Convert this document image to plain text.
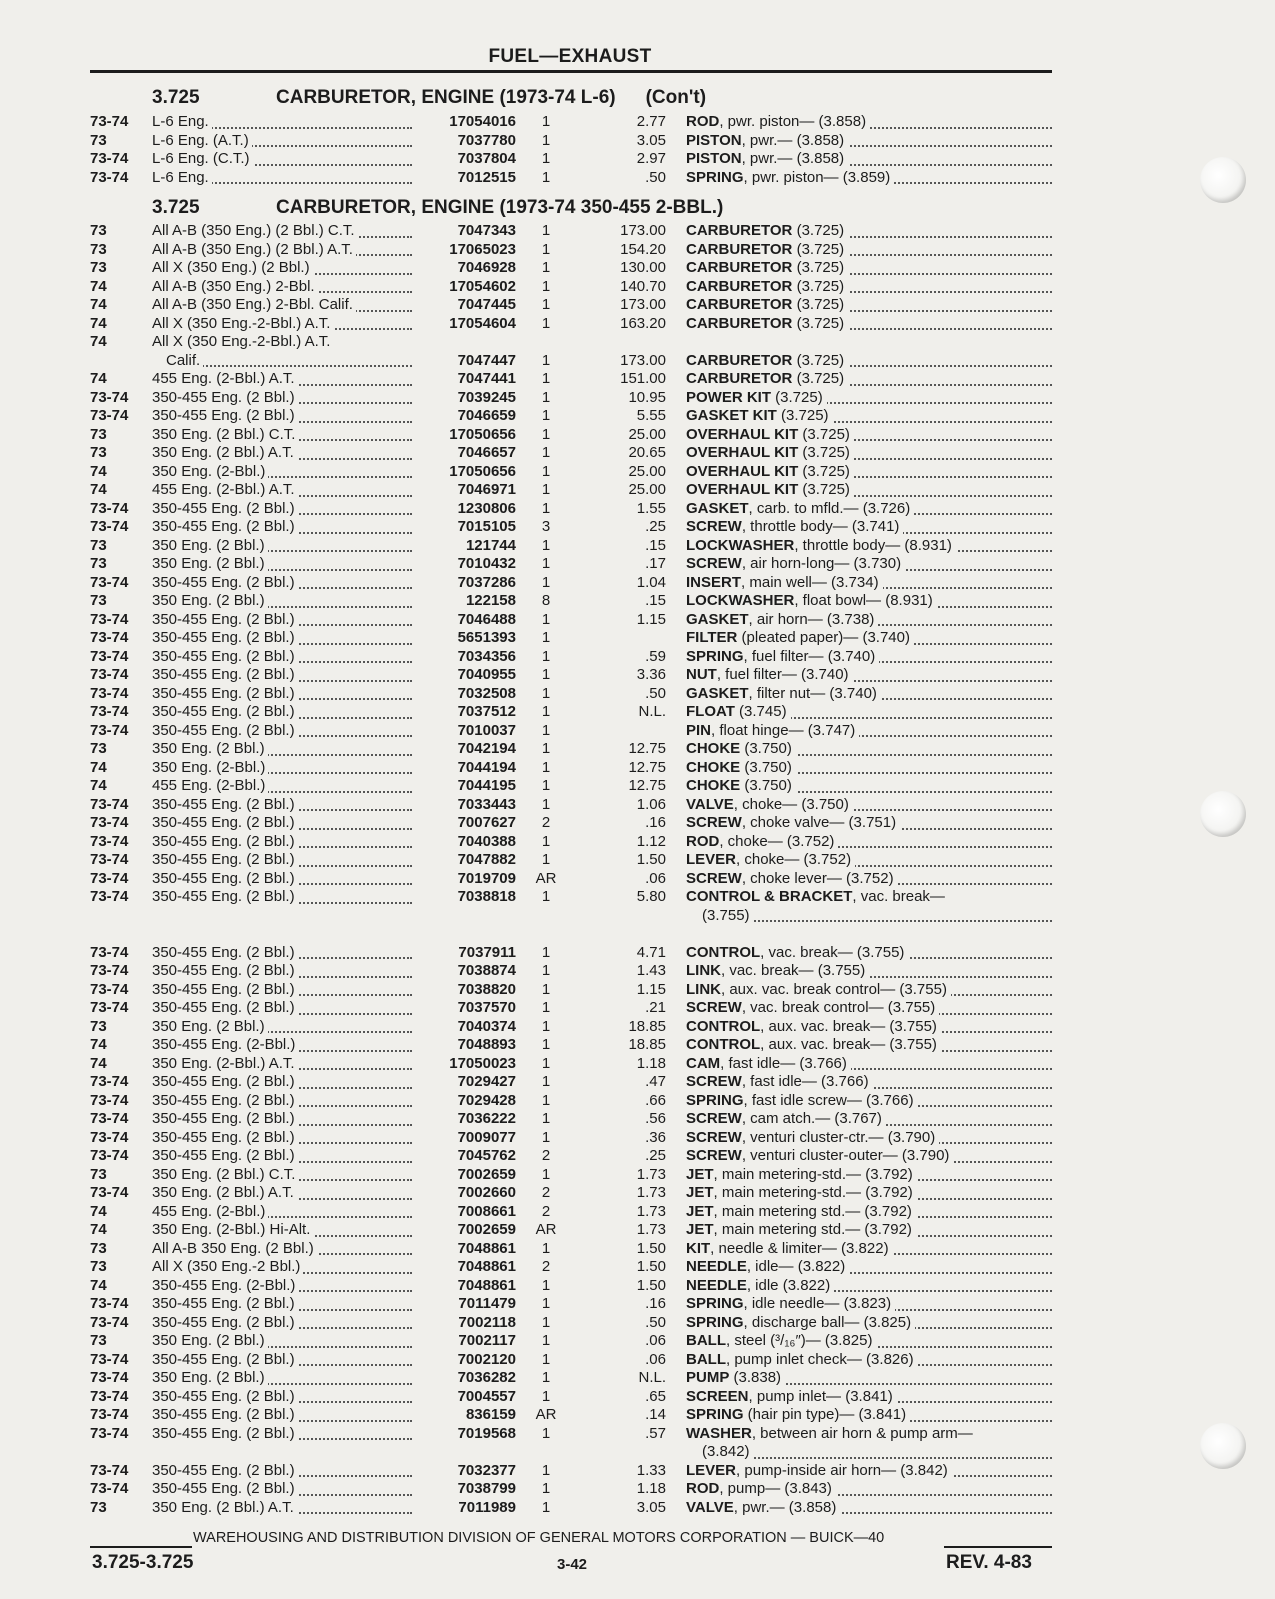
FUEL—EXHAUST
3.725	CARBURETOR, ENGINE (1973-74 L-6) (Con't)
73-74	L-6 Eng.	17054016	1	2.77 ROD, pwr. piston— (3.858)
73	L-6 Eng. (A.T.)	7037780	1	3.05 PISTON, pwr.— (3.858)
73-74	L-6 Eng. (C.T.)	7037804	1	2.97 PISTON, pwr.— (3.858)
73-74	L-6 Eng.	7012515	1	.50 SPRING, pwr. piston— (3.859)
3.725	CARBURETOR, ENGINE (1973-74 350-455 2-BBL.)
73	All A-B (350 Eng.) (2 Bbl.) C.T.	7047343	1	173.00 CARBURETOR (3.725)
73	All A-B (350 Eng.) (2 Bbl.) A.T.	17065023	1	154.20 CARBURETOR (3.725)
73	All X (350 Eng.) (2 Bbl.)	7046928	1	130.00 CARBURETOR (3.725)
74	All A-B (350 Eng.) 2-Bbl.	17054602	1	140.70 CARBURETOR (3.725)
74	All A-B (350 Eng.) 2-Bbl. Calif.	7047445	1	173.00 CARBURETOR (3.725)
74	All X (350 Eng.-2-Bbl.) A.T.	17054604	1	163.20 CARBURETOR (3.725)
74	All X (350 Eng.-2-Bbl.) A.T.
Calif.	7047447	1	173.00 CARBURETOR (3.725)
74	455 Eng. (2-Bbl.) A.T.	7047441	1	151.00 CARBURETOR (3.725)
73-74	350-455 Eng. (2 Bbl.)	7039245	1	10.95 POWER KIT (3.725)
73-74	350-455 Eng. (2 Bbl.)	7046659	1	5.55 GASKET KIT (3.725)
73	350 Eng. (2 Bbl.) C.T.	17050656	1	25.00 OVERHAUL KIT (3.725)
73	350 Eng. (2 Bbl.) A.T.	7046657	1	20.65 OVERHAUL KIT (3.725)
74	350 Eng. (2-Bbl.)	17050656	1	25.00 OVERHAUL KIT (3.725)
74	455 Eng. (2-Bbl.) A.T.	7046971	1	25.00 OVERHAUL KIT (3.725)
73-74	350-455 Eng. (2 Bbl.)	1230806	1	1.55 GASKET, carb. to mfld.— (3.726)
73-74	350-455 Eng. (2 Bbl.)	7015105	3	.25 SCREW, throttle body— (3.741)
73	350 Eng. (2 Bbl.)	121744	1	.15 LOCKWASHER, throttle body— (8.931)
73	350 Eng. (2 Bbl.)	7010432	1	.17 SCREW, air horn-long— (3.730)
73-74	350-455 Eng. (2 Bbl.)	7037286	1	1.04 INSERT, main well— (3.734)
73	350 Eng. (2 Bbl.)	122158	8	.15 LOCKWASHER, float bowl— (8.931)
73-74	350-455 Eng. (2 Bbl.)	7046488	1	1.15 GASKET, air horn— (3.738)
73-74	350-455 Eng. (2 Bbl.)	5651393	1	FILTER (pleated paper)— (3.740)
73-74	350-455 Eng. (2 Bbl.)	7034356	1	.59 SPRING, fuel filter— (3.740)
73-74	350-455 Eng. (2 Bbl.)	7040955	1	3.36 NUT, fuel filter— (3.740)
73-74	350-455 Eng. (2 Bbl.)	7032508	1	.50 GASKET, filter nut— (3.740)
73-74	350-455 Eng. (2 Bbl.)	7037512	1	N.L. FLOAT (3.745)
73-74	350-455 Eng. (2 Bbl.)	7010037	1	PIN, float hinge— (3.747)
73	350 Eng. (2 Bbl.)	7042194	1	12.75 CHOKE (3.750)
74	350 Eng. (2-Bbl.)	7044194	1	12.75 CHOKE (3.750)
74	455 Eng. (2-Bbl.)	7044195	1	12.75 CHOKE (3.750)
73-74	350-455 Eng. (2 Bbl.)	7033443	1	1.06 VALVE, choke— (3.750)
73-74	350-455 Eng. (2 Bbl.)	7007627	2	.16 SCREW, choke valve— (3.751)
73-74	350-455 Eng. (2 Bbl.)	7040388	1	1.12 ROD, choke— (3.752)
73-74	350-455 Eng. (2 Bbl.)	7047882	1	1.50 LEVER, choke— (3.752)
73-74	350-455 Eng. (2 Bbl.)	7019709	AR	.06 SCREW, choke lever— (3.752)
73-74	350-455 Eng. (2 Bbl.)	7038818	1	5.80 CONTROL & BRACKET, vac. break—
(3.755)
73-74	350-455 Eng. (2 Bbl.)	7037911	1	4.71 CONTROL, vac. break— (3.755)
73-74	350-455 Eng. (2 Bbl.)	7038874	1	1.43 LINK, vac. break— (3.755)
73-74	350-455 Eng. (2 Bbl.)	7038820	1	1.15 LINK, aux. vac. break control— (3.755)
73-74	350-455 Eng. (2 Bbl.)	7037570	1	.21 SCREW, vac. break control— (3.755)
73	350 Eng. (2 Bbl.)	7040374	1	18.85 CONTROL, aux. vac. break— (3.755)
74	350-455 Eng. (2-Bbl.)	7048893	1	18.85 CONTROL, aux. vac. break— (3.755)
74	350 Eng. (2-Bbl.) A.T.	17050023	1	1.18 CAM, fast idle— (3.766)
73-74	350-455 Eng. (2 Bbl.)	7029427	1	.47 SCREW, fast idle— (3.766)
73-74	350-455 Eng. (2 Bbl.)	7029428	1	.66 SPRING, fast idle screw— (3.766)
73-74	350-455 Eng. (2 Bbl.)	7036222	1	.56 SCREW, cam atch.— (3.767)
73-74	350-455 Eng. (2 Bbl.)	7009077	1	.36 SCREW, venturi cluster-ctr.— (3.790)
73-74	350-455 Eng. (2 Bbl.)	7045762	2	.25 SCREW, venturi cluster-outer— (3.790)
73	350 Eng. (2 Bbl.) C.T.	7002659	1	1.73 JET, main metering-std.— (3.792)
73-74	350 Eng. (2 Bbl.) A.T.	7002660	2	1.73 JET, main metering-std.— (3.792)
74	455 Eng. (2-Bbl.)	7008661	2	1.73 JET, main metering std.— (3.792)
74	350 Eng. (2-Bbl.) Hi-Alt.	7002659	AR	1.73 JET, main metering std.— (3.792)
73	All A-B 350 Eng. (2 Bbl.)	7048861	1	1.50 KIT, needle & limiter— (3.822)
73	All X (350 Eng.-2 Bbl.)	7048861	2	1.50 NEEDLE, idle— (3.822)
74	350-455 Eng. (2-Bbl.)	7048861	1	1.50 NEEDLE, idle (3.822)
73-74	350-455 Eng. (2 Bbl.)	7011479	1	.16 SPRING, idle needle— (3.823)
73-74	350-455 Eng. (2 Bbl.)	7002118	1	.50 SPRING, discharge ball— (3.825)
73	350 Eng. (2 Bbl.)	7002117	1	.06 BALL, steel (³/₁₆″)— (3.825)
73-74	350-455 Eng. (2 Bbl.)	7002120	1	.06 BALL, pump inlet check— (3.826)
73-74	350 Eng. (2 Bbl.)	7036282	1	N.L. PUMP (3.838)
73-74	350-455 Eng. (2 Bbl.)	7004557	1	.65 SCREEN, pump inlet— (3.841)
73-74	350-455 Eng. (2 Bbl.)	836159	AR	.14 SPRING (hair pin type)— (3.841)
73-74	350-455 Eng. (2 Bbl.)	7019568	1	.57 WASHER, between air horn & pump arm—
(3.842)
73-74	350-455 Eng. (2 Bbl.)	7032377	1	1.33 LEVER, pump-inside air horn— (3.842)
73-74	350-455 Eng. (2 Bbl.)	7038799	1	1.18 ROD, pump— (3.843)
73	350 Eng. (2 Bbl.) A.T.	7011989	1	3.05 VALVE, pwr.— (3.858)
WAREHOUSING AND DISTRIBUTION DIVISION OF GENERAL MOTORS CORPORATION — BUICK—40
3.725-3.725	3-42	REV. 4-83
